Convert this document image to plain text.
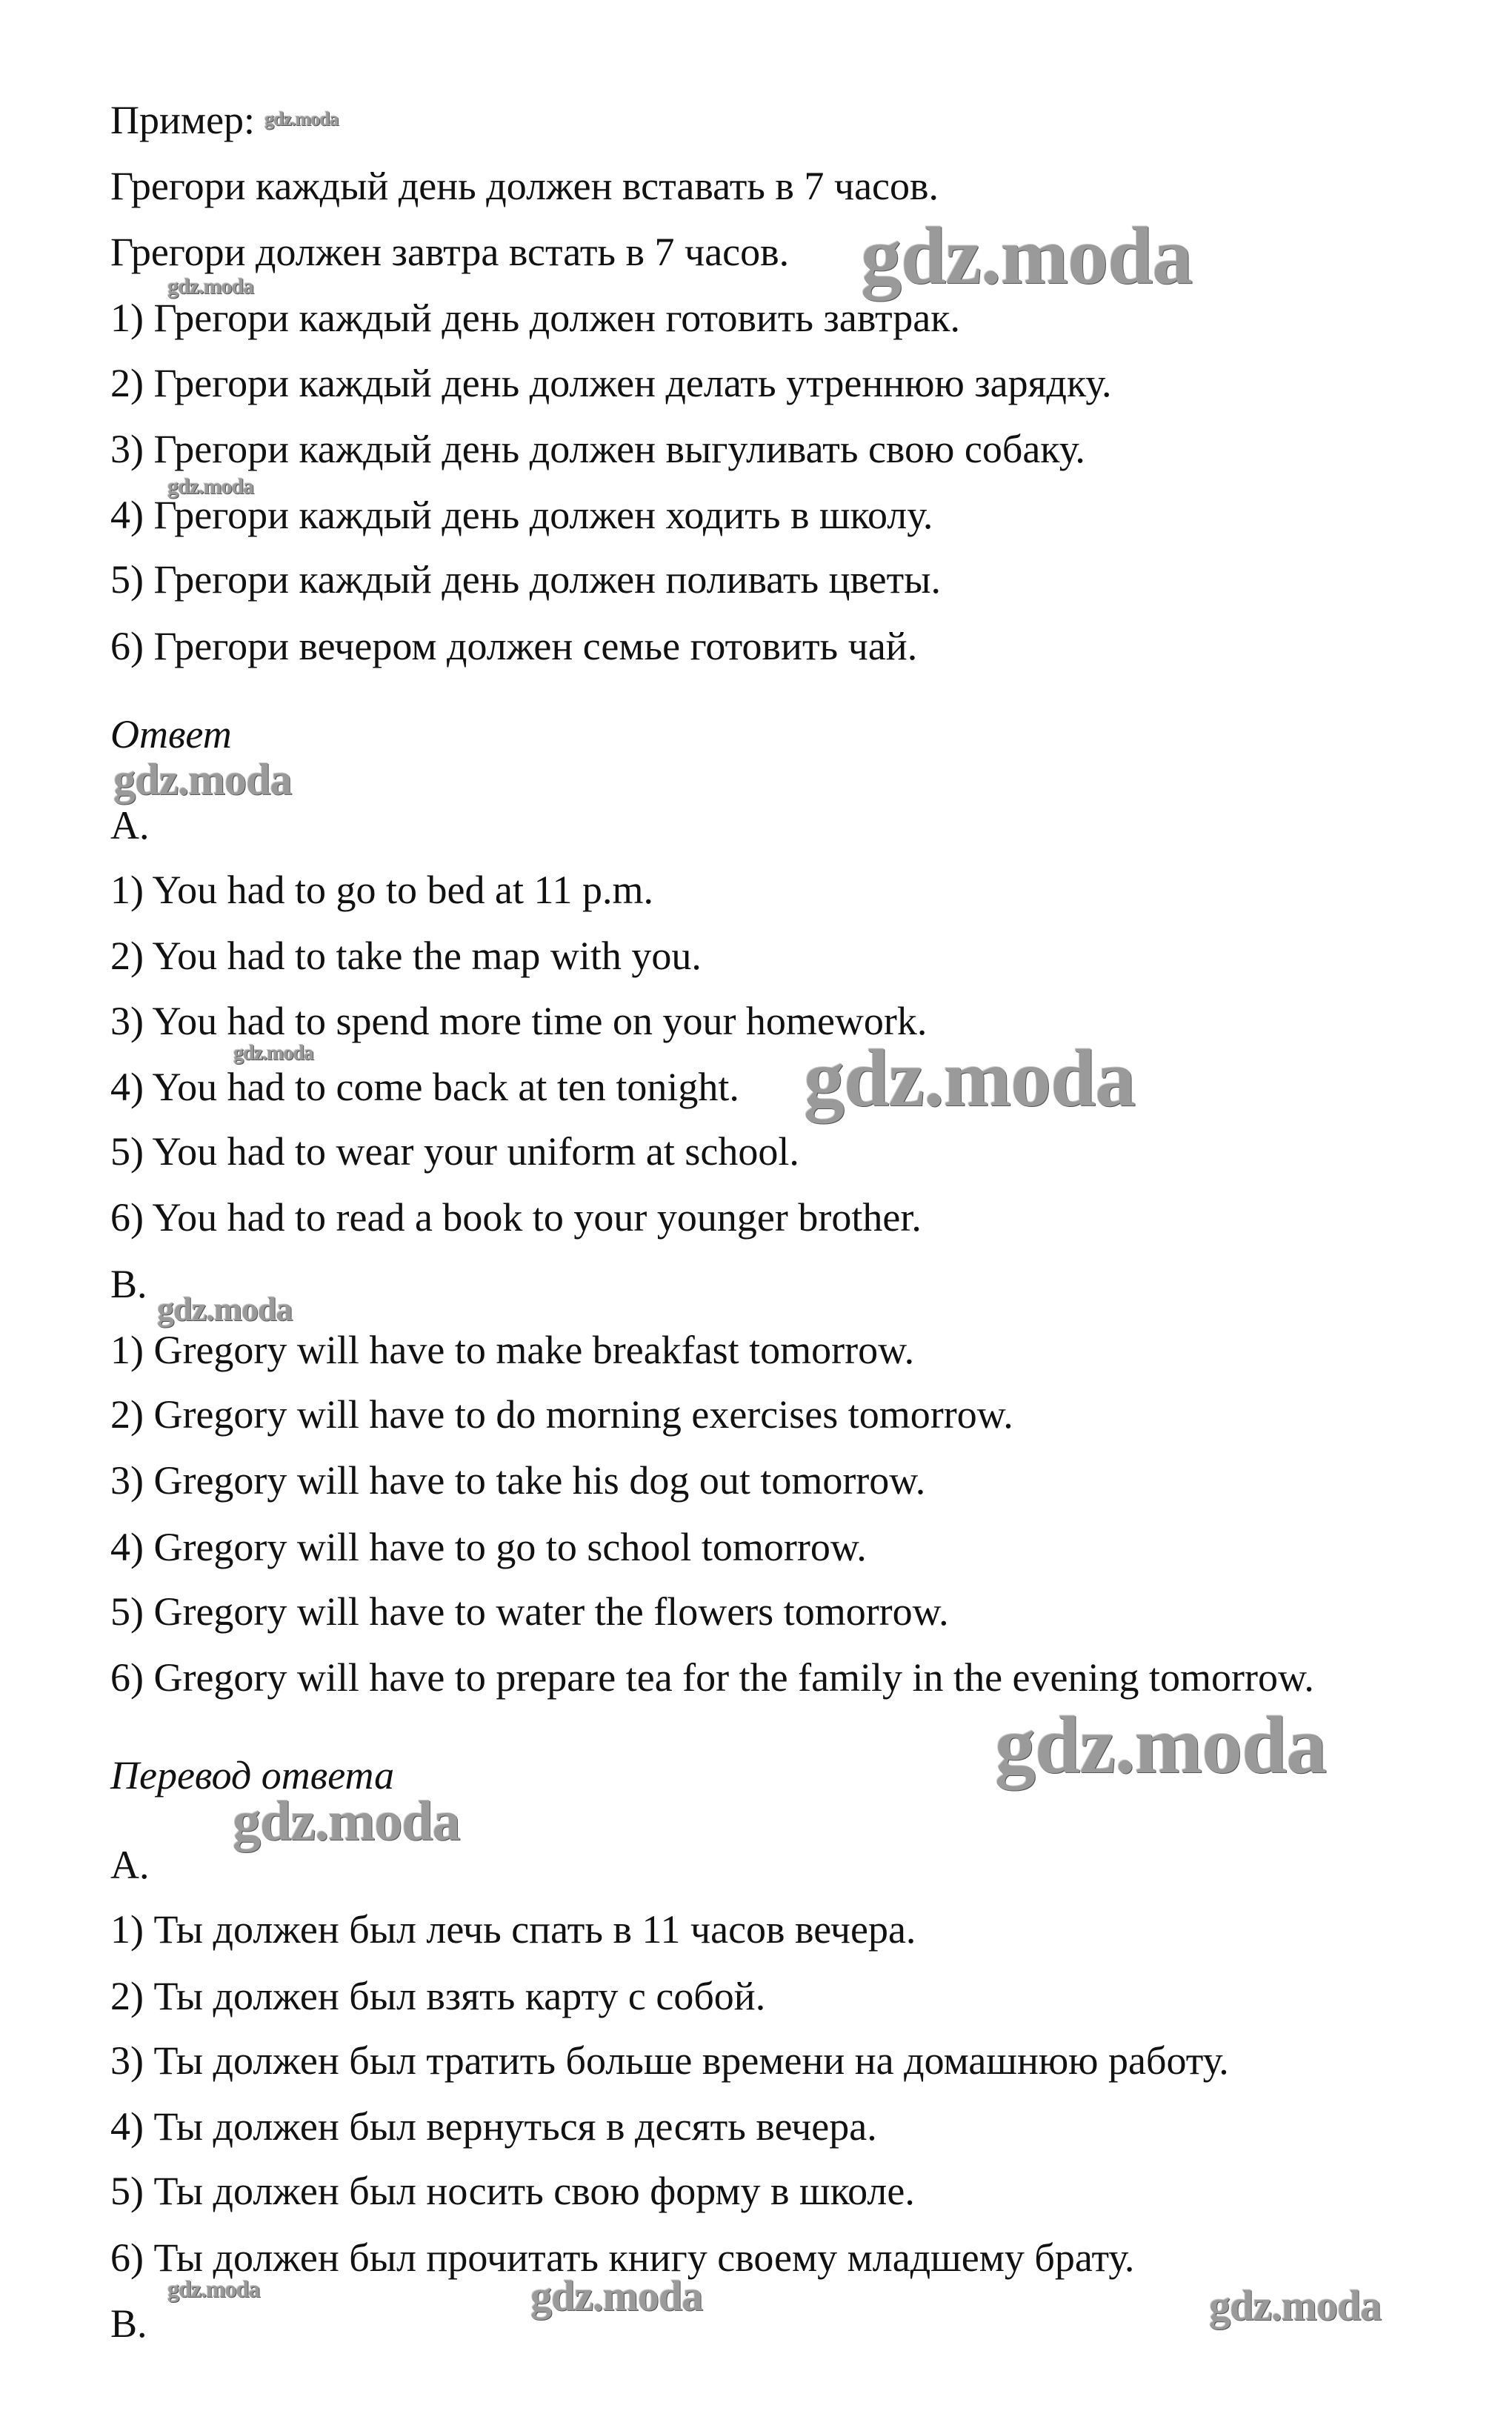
Пример:
Грегори каждый день должен вставать в 7 часов.
Грегори должен завтра встать в 7 часов.
1) Грегори каждый день должен готовить завтрак.
2) Грегори каждый день должен делать утреннюю зарядку.
3) Грегори каждый день должен выгуливать свою собаку.
4) Грегори каждый день должен ходить в школу.
5) Грегори каждый день должен поливать цветы.
6) Грегори вечером должен семье готовить чай.
Ответ
A.
1) You had to go to bed at 11 p.m.
2) You had to take the map with you.
3) You had to spend more time on your homework.
4) You had to come back at ten tonight.
5) You had to wear your uniform at school.
6) You had to read a book to your younger brother.
B.
1) Gregory will have to make breakfast tomorrow.
2) Gregory will have to do morning exercises tomorrow.
3) Gregory will have to take his dog out tomorrow.
4) Gregory will have to go to school tomorrow.
5) Gregory will have to water the flowers tomorrow.
6) Gregory will have to prepare tea for the family in the evening tomorrow.
Перевод ответа
A.
1) Ты должен был лечь спать в 11 часов вечера.
2) Ты должен был взять карту с собой.
3) Ты должен был тратить больше времени на домашнюю работу.
4) Ты должен был вернуться в десять вечера.
5) Ты должен был носить свою форму в школе.
6) Ты должен был прочитать книгу своему младшему брату.
B.
gdz.moda
gdz.moda
gdz.moda
gdz.moda
gdz.moda
gdz.moda	gdz.moda
gdz.moda
gdz.moda
gdz.moda
gdz.moda	gdz.moda	gdz.moda
